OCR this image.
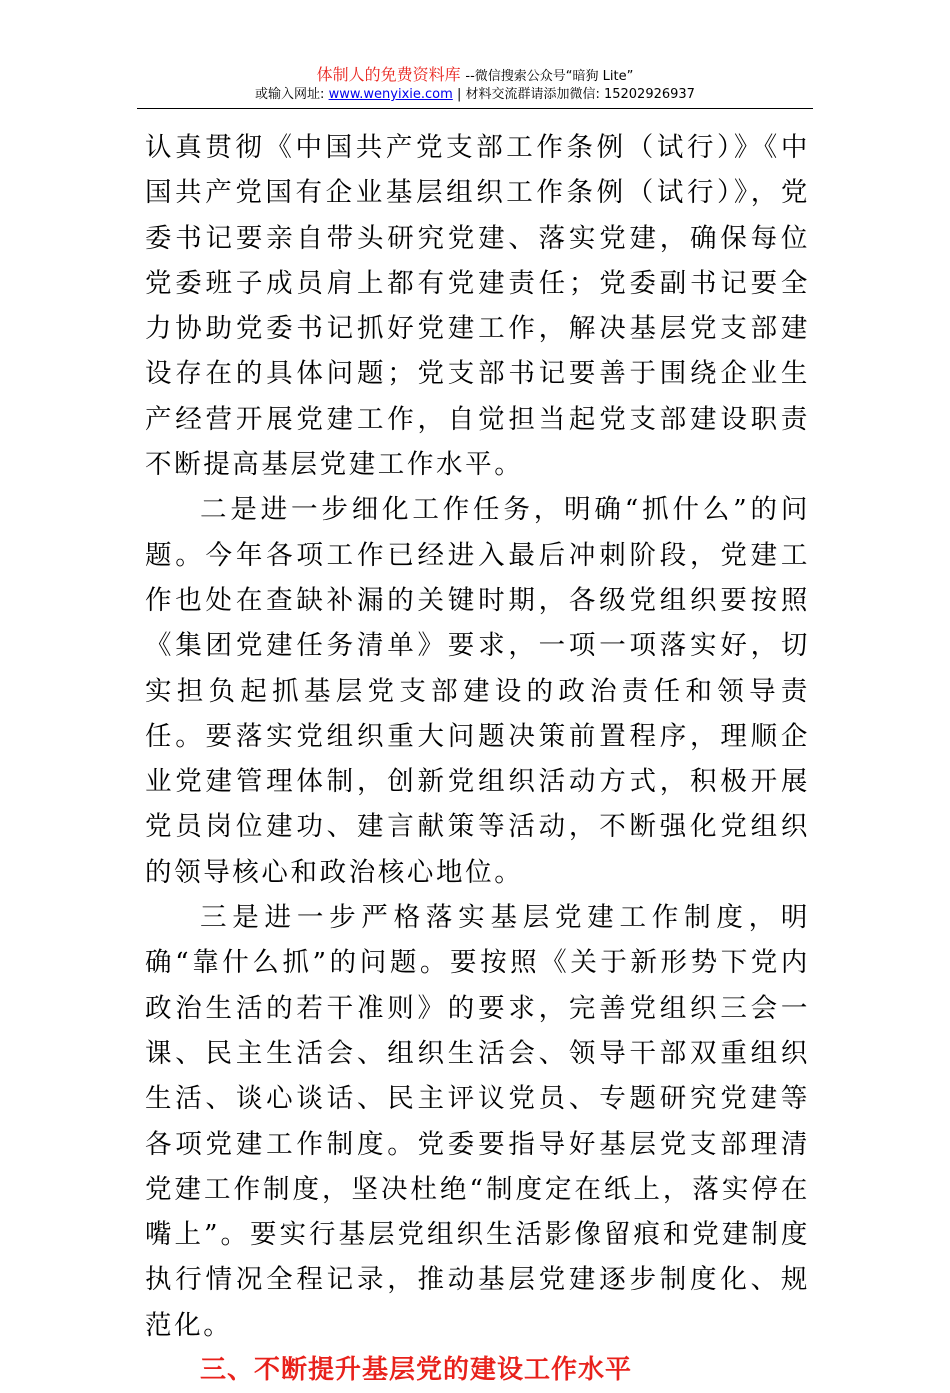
体制人的免费资料库 --微信搜索公众号“暗狗 Lite”
或输入网址: www.wenyixie.com | 材料交流群请添加微信: 15202926937

认真贯彻《中国共产党支部工作条例（试行）》《中国共产党国有企业基层组织工作条例（试行）》，党委书记要亲自带头研究党建、落实党建，确保每位党委班子成员肩上都有党建责任；党委副书记要全力协助党委书记抓好党建工作，解决基层党支部建设存在的具体问题；党支部书记要善于围绕企业生产经营开展党建工作，自觉担当起党支部建设职责不断提高基层党建工作水平。

二是进一步细化工作任务，明确“抓什么”的问题。今年各项工作已经进入最后冲刺阶段，党建工作也处在查缺补漏的关键时期，各级党组织要按照《集团党建任务清单》要求，一项一项落实好，切实担负起抓基层党支部建设的政治责任和领导责任。要落实党组织重大问题决策前置程序，理顺企业党建管理体制，创新党组织活动方式，积极开展党员岗位建功、建言献策等活动，不断强化党组织的领导核心和政治核心地位。

三是进一步严格落实基层党建工作制度，明确“靠什么抓”的问题。要按照《关于新形势下党内政治生活的若干准则》的要求，完善党组织三会一课、民主生活会、组织生活会、领导干部双重组织生活、谈心谈话、民主评议党员、专题研究党建等各项党建工作制度。党委要指导好基层党支部理清党建工作制度，坚决杜绝“制度定在纸上，落实停在嘴上”。要实行基层党组织生活影像留痕和党建制度执行情况全程记录，推动基层党建逐步制度化、规范化。

三、不断提升基层党的建设工作水平
